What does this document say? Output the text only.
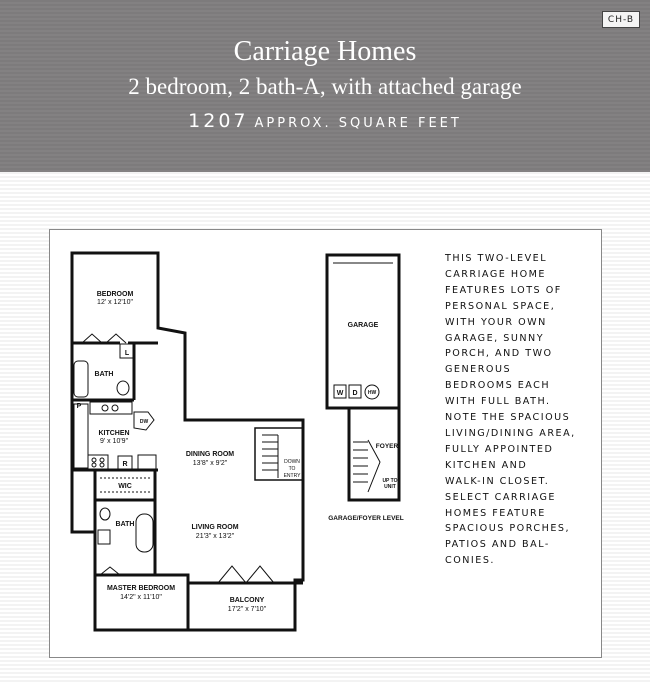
CH-B
Carriage Homes
2 bedroom, 2 bath-A, with attached garage
1207 APPROX. SQUARE FEET
BEDROOM
12' x 12'10"
L
BATH
P
DW
KITCHEN
9' x 10'9"
R
DINING ROOM
13'8" x 9'2"	DOWN
TO
ENTRY
WIC
BATH	LIVING ROOM
21'3" x 13'2"
MASTER BEDROOM
14'2" x 11'10"	BALCONY
17'2" x 7'10"
GARAGE
W D HW
FOYER
UP TO
UNIT
GARAGE/FOYER LEVEL
THIS TWO-LEVEL
CARRIAGE HOME
FEATURES LOTS OF
PERSONAL SPACE,
WITH YOUR OWN
GARAGE, SUNNY
PORCH, AND TWO
GENEROUS
BEDROOMS EACH
WITH FULL BATH.
NOTE THE SPACIOUS
LIVING/DINING AREA,
FULLY APPOINTED
KITCHEN AND
WALK-IN CLOSET.
SELECT CARRIAGE
HOMES FEATURE
SPACIOUS PORCHES,
PATIOS AND BAL-
CONIES.
